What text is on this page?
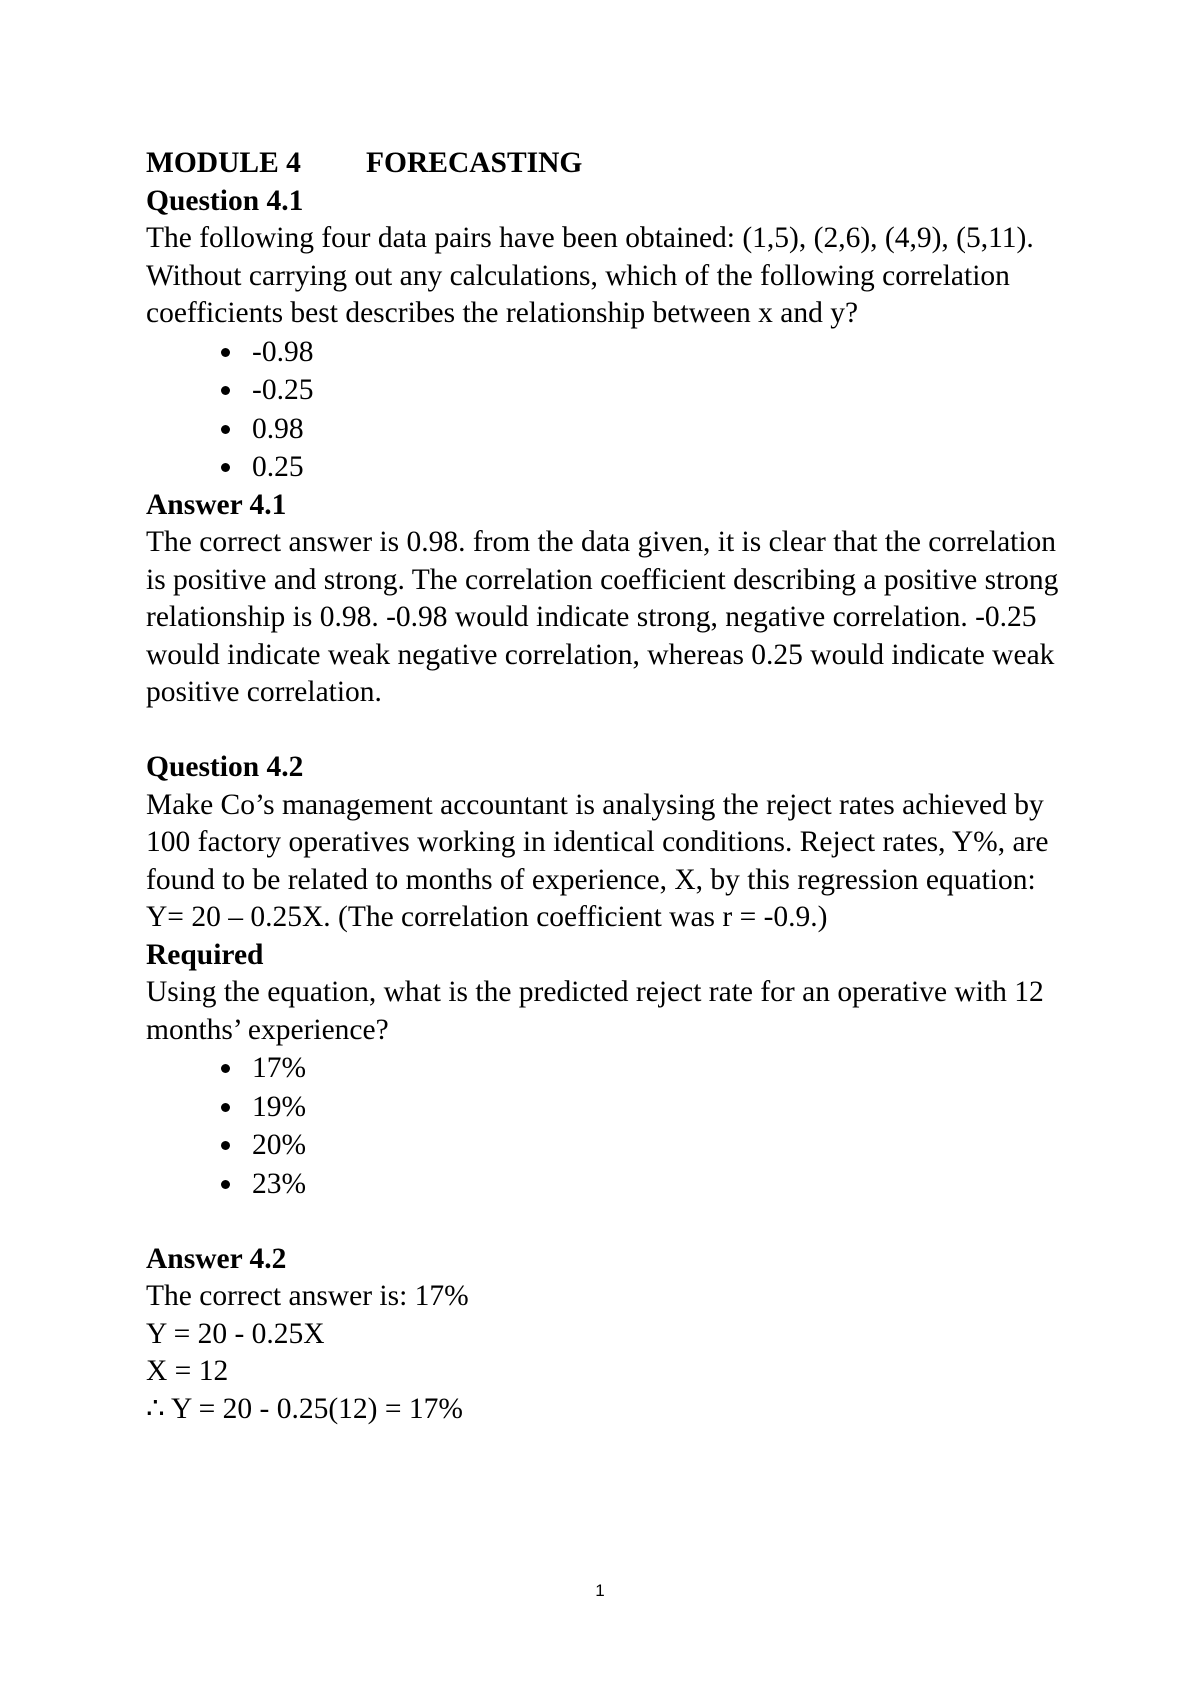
MODULE 4	FORECASTING
Question 4.1

The following four data pairs have been obtained: (1,5), (2,6), (4,9), (5,11). Without carrying out any calculations, which of the following correlation coefficients best describes the relationship between x and y?

-0.98
-0.25
0.98
0.25
Answer 4.1

The correct answer is 0.98. from the data given, it is clear that the correlation is positive and strong. The correlation coefficient describing a positive strong relationship is 0.98. -0.98 would indicate strong, negative correlation. -0.25 would indicate weak negative correlation, whereas 0.25 would indicate weak positive correlation.

Question 4.2

Make Co’s management accountant is analysing the reject rates achieved by 100 factory operatives working in identical conditions. Reject rates, Y%, are found to be related to months of experience, X, by this regression equation: Y= 20 – 0.25X. (The correlation coefficient was r = -0.9.)

Required

Using the equation, what is the predicted reject rate for an operative with 12 months’ experience?

17%
19%
20%
23%
Answer 4.2
The correct answer is: 17%
Y = 20 - 0.25X
X = 12
∴ Y = 20 - 0.25(12) = 17%
1
